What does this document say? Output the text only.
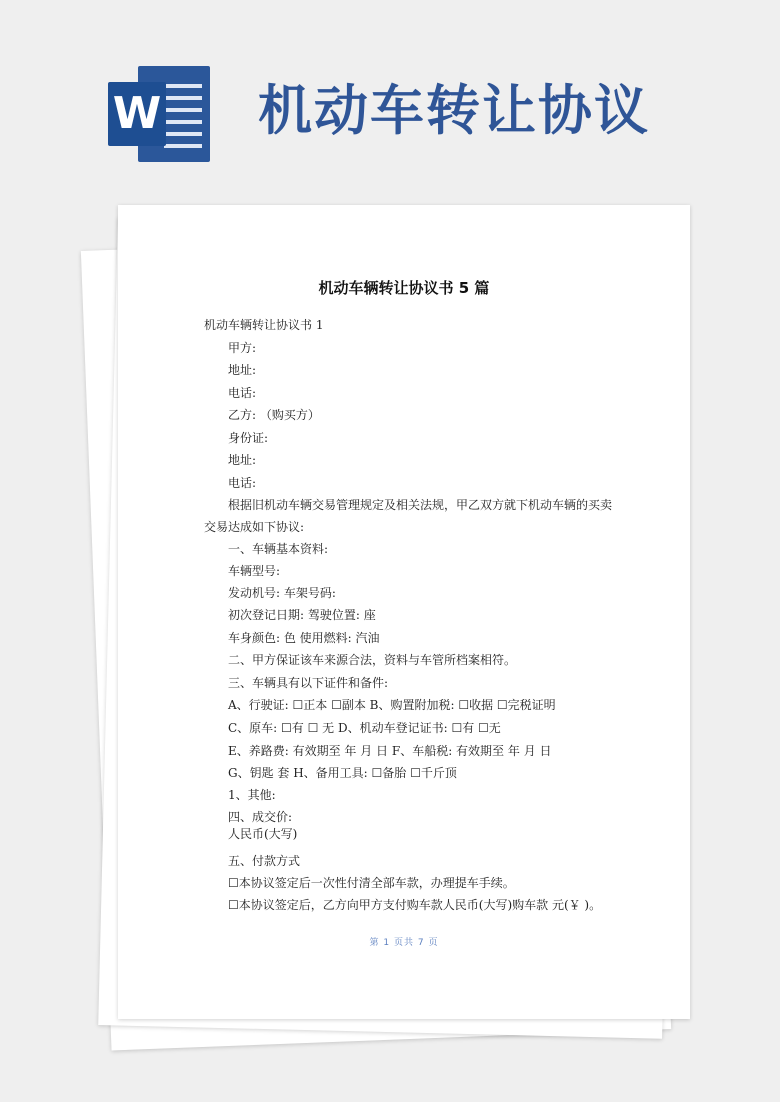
W 机动车转让协议
机动车辆转让协议书 5 篇
机动车辆转让协议书 1
甲方:
地址:
电话:
乙方: （购买方）
身份证:
地址:
电话:
根据旧机动车辆交易管理规定及相关法规，甲乙双方就下机动车辆的买卖
交易达成如下协议:
一、车辆基本资料:
车辆型号:
发动机号: 车架号码:
初次登记日期: 驾驶位置: 座
车身颜色: 色 使用燃料: 汽油
二、甲方保证该车来源合法，资料与车管所档案相符。
三、车辆具有以下证件和备件:
A、行驶证: ☐正本 ☐副本 B、购置附加税: ☐收据 ☐完税证明
C、原车: ☐有 ☐ 无 D、机动车登记证书: ☐有 ☐无
E、养路费: 有效期至 年 月 日 F、车船税: 有效期至 年 月 日
G、钥匙 套 H、备用工具: ☐备胎 ☐千斤顶
1、其他:
四、成交价:
人民币(大写)
五、付款方式
☐本协议签定后一次性付清全部车款，办理提车手续。
☐本协议签定后，乙方向甲方支付购车款人民币(大写)购车款 元(￥ )。
第 1 页共 7 页
